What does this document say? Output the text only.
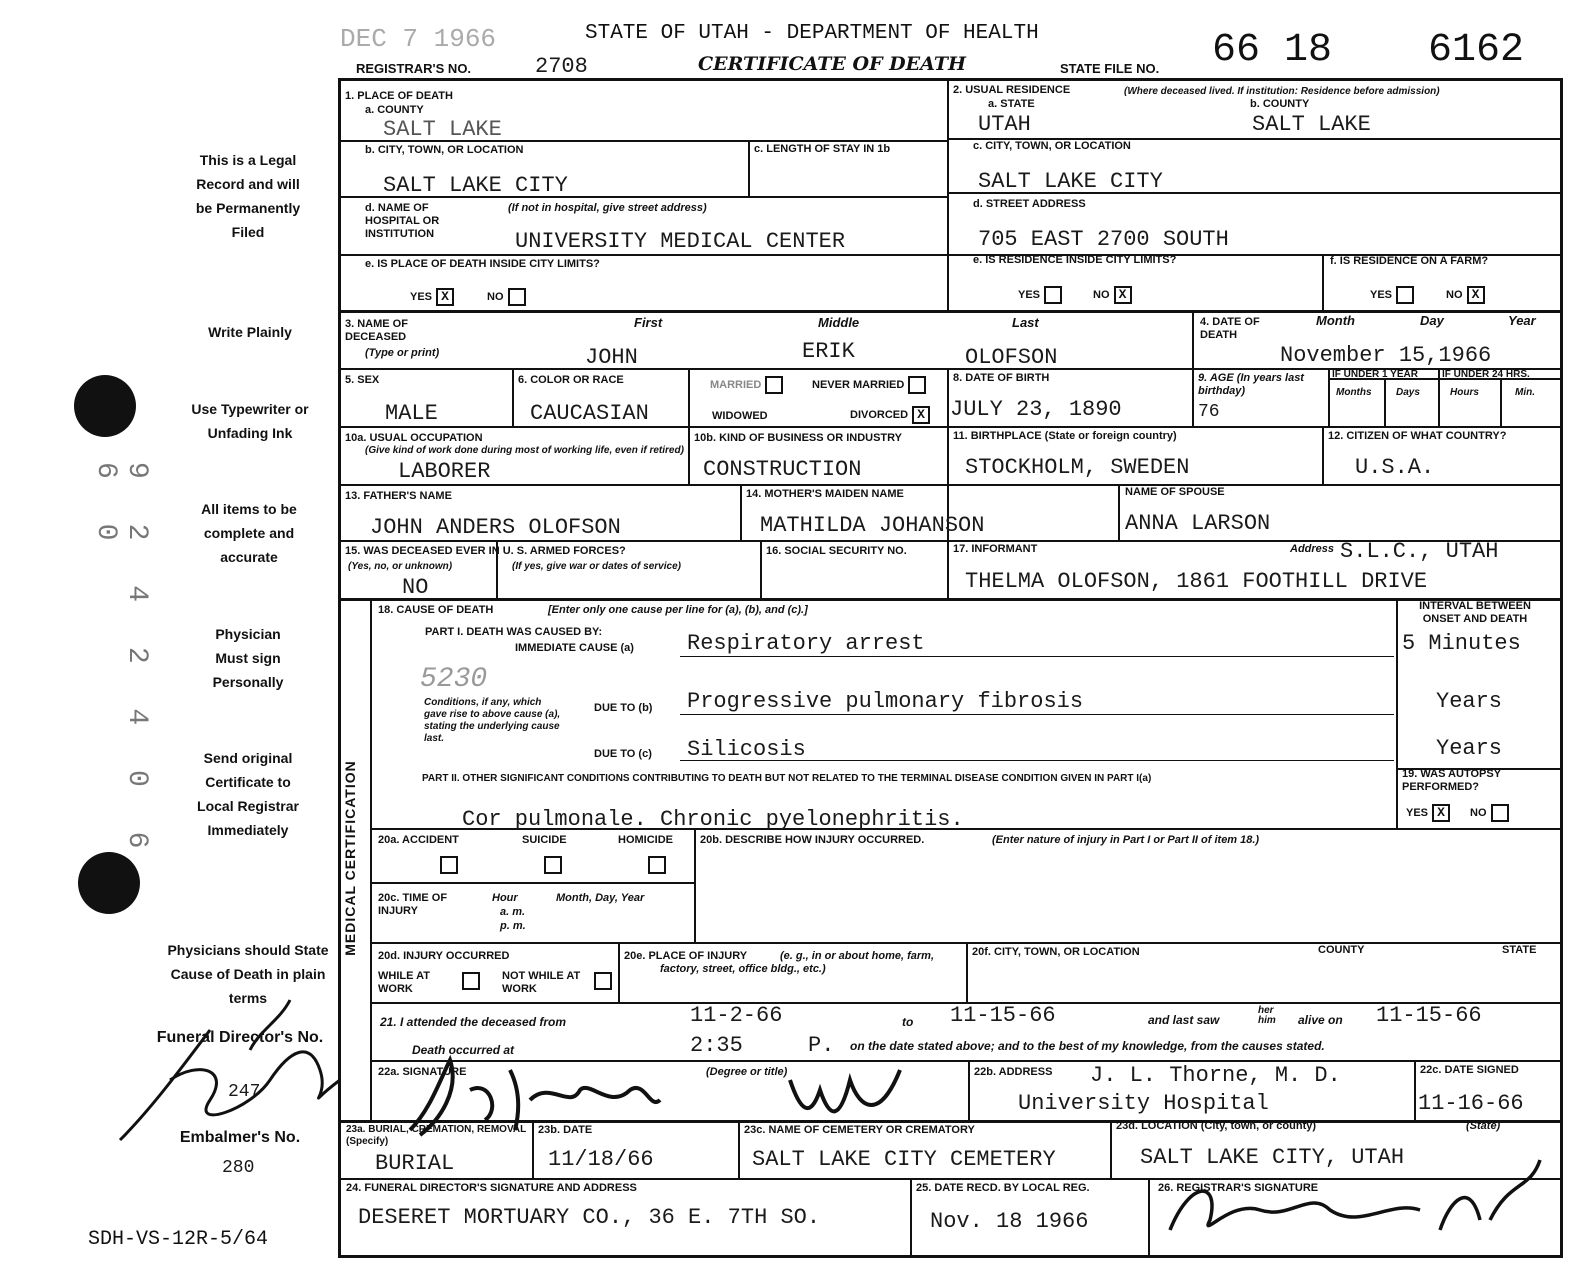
DEC 7 1966	STATE OF UTAH - DEPARTMENT OF HEALTH
REGISTRAR'S NO.	2708	CERTIFICATE OF DEATH	STATE FILE NO. 66 18    6162
This is a Legal Record and will be Permanently Filed
Write Plainly
Use Typewriter or Unfading Ink
All items to be complete and accurate
Physician Must sign Personally
Send original Certificate to Local Registrar Immediately
Physicians should State Cause of Death in plain terms
Funeral Director's No.
247
Embalmer's No.
280
9 2 4 2 4 0 6 6 0
SDH-VS-12R-5/64
1. PLACE OF DEATH
a. COUNTY
SALT LAKE
b. CITY, TOWN, OR LOCATION
SALT LAKE CITY
c. LENGTH OF STAY IN 1b
d. NAME OF HOSPITAL OR INSTITUTION
(If not in hospital, give street address)
UNIVERSITY MEDICAL CENTER
e. IS PLACE OF DEATH INSIDE CITY LIMITS?
YES X	NO
2. USUAL RESIDENCE	(Where deceased lived. If institution: Residence before admission)
a. STATE
UTAH
b. COUNTY
SALT LAKE
c. CITY, TOWN, OR LOCATION
SALT LAKE CITY
d. STREET ADDRESS
705 EAST 2700 SOUTH
e. IS RESIDENCE INSIDE CITY LIMITS?
YES	NO X
f. IS RESIDENCE ON A FARM?
YES	NO X
3. NAME OF DECEASED
(Type or print)
First	Middle	Last
JOHN	ERIK	OLOFSON
4. DATE OF DEATH
Month	Day	Year
November 15,1966
5. SEX
MALE
6. COLOR OR RACE
CAUCASIAN
MARRIED	NEVER MARRIED
WIDOWED	DIVORCED X
8. DATE OF BIRTH
JULY 23, 1890
9. AGE (In years last birthday)
76
IF UNDER 1 YEAR IF UNDER 24 HRS.
Months Days	Hours	Min.
10a. USUAL OCCUPATION
(Give kind of work done during most of working life, even if retired)
LABORER
10b. KIND OF BUSINESS OR INDUSTRY
CONSTRUCTION
11. BIRTHPLACE (State or foreign country)
STOCKHOLM, SWEDEN
12. CITIZEN OF WHAT COUNTRY?
U.S.A.
13. FATHER'S NAME
JOHN ANDERS OLOFSON
14. MOTHER'S MAIDEN NAME
MATHILDA JOHANSON
NAME OF SPOUSE
ANNA LARSON
15. WAS DECEASED EVER IN U. S. ARMED FORCES?
(Yes, no, or unknown)	(If yes, give war or dates of service)
NO
16. SOCIAL SECURITY NO.	17. INFORMANT	Address S.L.C., UTAH
THELMA OLOFSON, 1861 FOOTHILL DRIVE
MEDICAL CERTIFICATION
18. CAUSE OF DEATH	[Enter only one cause per line for (a), (b), and (c).]
PART I. DEATH WAS CAUSED BY:
IMMEDIATE CAUSE (a) Respiratory arrest
5230
Conditions, if any, which gave rise to above cause (a), stating the underlying cause last.
DUE TO (b) Progressive pulmonary fibrosis
DUE TO (c) Silicosis
INTERVAL BETWEEN ONSET AND DEATH
5 Minutes
Years
Years
PART II. OTHER SIGNIFICANT CONDITIONS CONTRIBUTING TO DEATH BUT NOT RELATED TO THE TERMINAL DISEASE CONDITION GIVEN IN PART I(a)
Cor pulmonale. Chronic pyelonephritis.
19. WAS AUTOPSY PERFORMED?
YES X	NO
20a. ACCIDENT	SUICIDE	HOMICIDE 20b. DESCRIBE HOW INJURY OCCURRED.	(Enter nature of injury in Part I or Part II of item 18.)
20c. TIME OF INJURY
Hour
a. m.
p. m.
Month, Day, Year
20d. INJURY OCCURRED
WHILE AT WORK
NOT WHILE AT WORK
20e. PLACE OF INJURY	(e. g., in or about home, farm, factory, street, office bldg., etc.)
20f. CITY, TOWN, OR LOCATION	COUNTY	STATE
21. I attended the deceased from	11-2-66	to 11-15-66	and last saw
her him	alive on 11-15-66
Death occurred at	2:35	P. on the date stated above; and to the best of my knowledge, from the causes stated.
22a. SIGNATURE	(Degree or title)	22b. ADDRESS J. L. Thorne, M. D.
University Hospital
22c. DATE SIGNED
11-16-66
23a. BURIAL, CREMATION, REMOVAL (Specify)
BURIAL
23b. DATE
11/18/66
23c. NAME OF CEMETERY OR CREMATORY
SALT LAKE CITY CEMETERY
23d. LOCATION (City, town, or county)	(State)
SALT LAKE CITY, UTAH
24. FUNERAL DIRECTOR'S SIGNATURE AND ADDRESS
DESERET MORTUARY CO., 36 E. 7TH SO.
25. DATE RECD. BY LOCAL REG.
Nov. 18 1966
26. REGISTRAR'S SIGNATURE
